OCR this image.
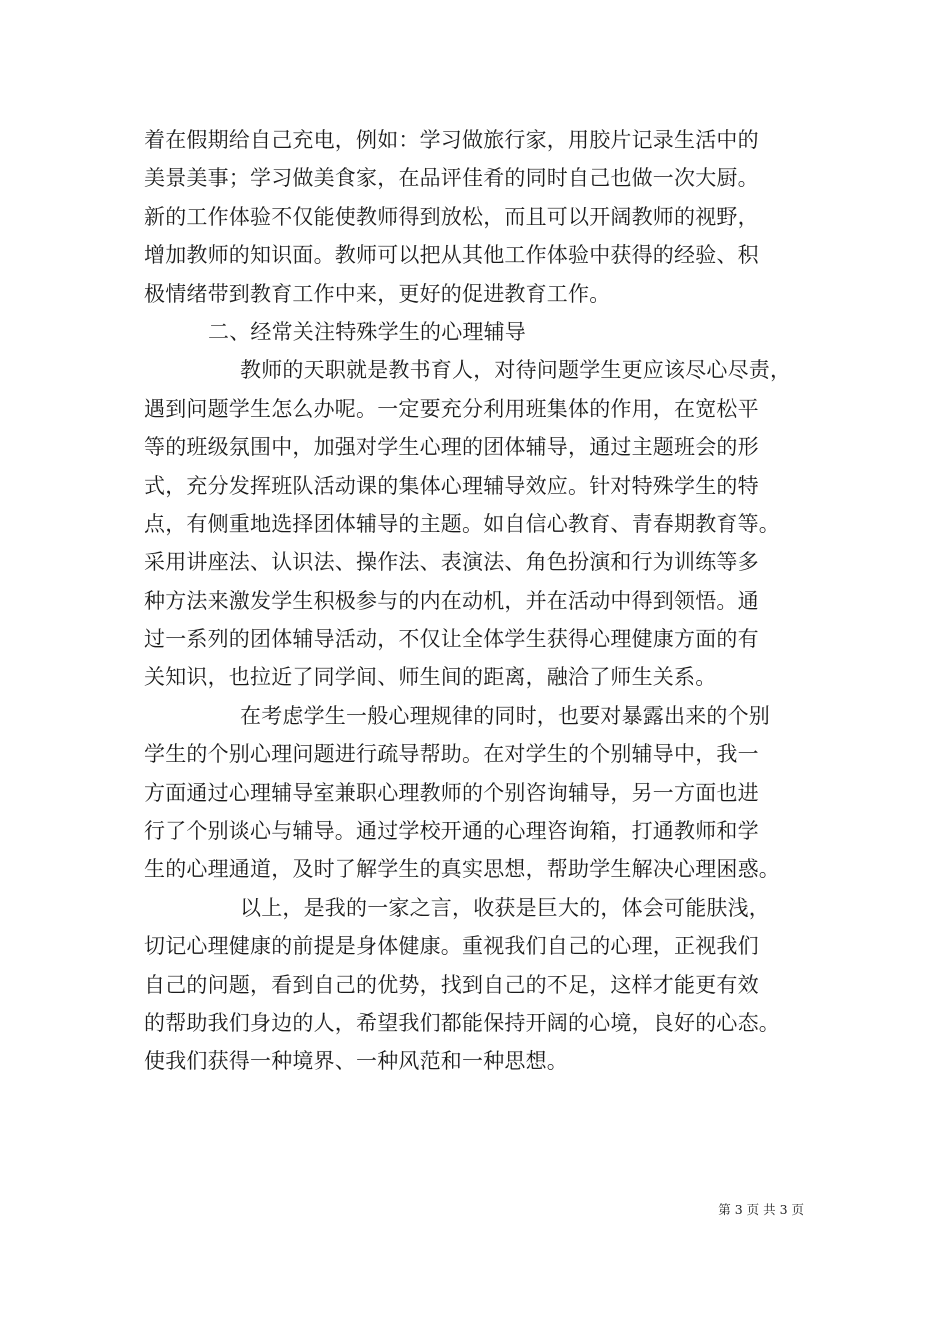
着在假期给自己充电，例如：学习做旅行家，用胶片记录生活中的
美景美事；学习做美食家，在品评佳肴的同时自己也做一次大厨。
新的工作体验不仅能使教师得到放松，而且可以开阔教师的视野，
增加教师的知识面。教师可以把从其他工作体验中获得的经验、积
极情绪带到教育工作中来，更好的促进教育工作。
二、经常关注特殊学生的心理辅导
教师的天职就是教书育人，对待问题学生更应该尽心尽责，
遇到问题学生怎么办呢。一定要充分利用班集体的作用，在宽松平
等的班级氛围中，加强对学生心理的团体辅导，通过主题班会的形
式，充分发挥班队活动课的集体心理辅导效应。针对特殊学生的特
点，有侧重地选择团体辅导的主题。如自信心教育、青春期教育等。
采用讲座法、认识法、操作法、表演法、角色扮演和行为训练等多
种方法来激发学生积极参与的内在动机，并在活动中得到领悟。通
过一系列的团体辅导活动，不仅让全体学生获得心理健康方面的有
关知识，也拉近了同学间、师生间的距离，融洽了师生关系。
在考虑学生一般心理规律的同时，也要对暴露出来的个别
学生的个别心理问题进行疏导帮助。在对学生的个别辅导中，我一
方面通过心理辅导室兼职心理教师的个别咨询辅导，另一方面也进
行了个别谈心与辅导。通过学校开通的心理咨询箱，打通教师和学
生的心理通道，及时了解学生的真实思想，帮助学生解决心理困惑。
以上，是我的一家之言，收获是巨大的，体会可能肤浅，
切记心理健康的前提是身体健康。重视我们自己的心理，正视我们
自己的问题，看到自己的优势，找到自己的不足，这样才能更有效
的帮助我们身边的人，希望我们都能保持开阔的心境，良好的心态。
使我们获得一种境界、一种风范和一种思想。
第 3 页 共 3 页
